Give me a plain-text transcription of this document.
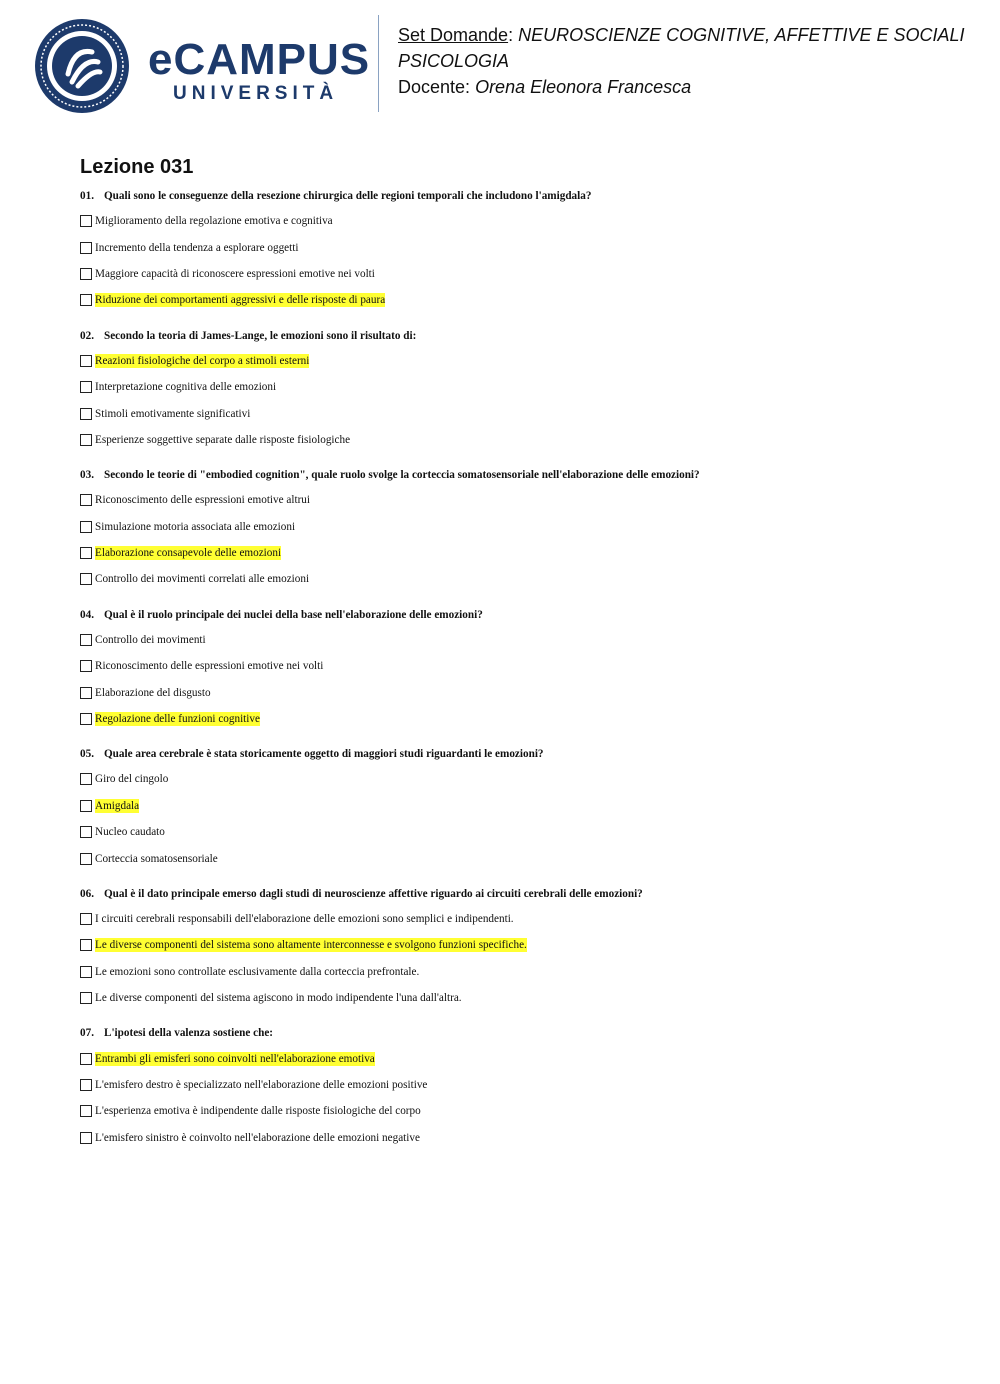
eCAMPUS
UNIVERSITÀ
Set Domande: NEUROSCIENZE COGNITIVE, AFFETTIVE E SOCIALI
PSICOLOGIA
Docente: Orena Eleonora Francesca
Lezione 031
01. Quali sono le conseguenze della resezione chirurgica delle regioni temporali che includono l'amigdala?
Miglioramento della regolazione emotiva e cognitiva
Incremento della tendenza a esplorare oggetti
Maggiore capacità di riconoscere espressioni emotive nei volti
Riduzione dei comportamenti aggressivi e delle risposte di paura
02. Secondo la teoria di James-Lange, le emozioni sono il risultato di:
Reazioni fisiologiche del corpo a stimoli esterni
Interpretazione cognitiva delle emozioni
Stimoli emotivamente significativi
Esperienze soggettive separate dalle risposte fisiologiche
03. Secondo le teorie di "embodied cognition", quale ruolo svolge la corteccia somatosensoriale nell'elaborazione delle emozioni?
Riconoscimento delle espressioni emotive altrui
Simulazione motoria associata alle emozioni
Elaborazione consapevole delle emozioni
Controllo dei movimenti correlati alle emozioni
04. Qual è il ruolo principale dei nuclei della base nell'elaborazione delle emozioni?
Controllo dei movimenti
Riconoscimento delle espressioni emotive nei volti
Elaborazione del disgusto
Regolazione delle funzioni cognitive
05. Quale area cerebrale è stata storicamente oggetto di maggiori studi riguardanti le emozioni?
Giro del cingolo
Amigdala
Nucleo caudato
Corteccia somatosensoriale
06. Qual è il dato principale emerso dagli studi di neuroscienze affettive riguardo ai circuiti cerebrali delle emozioni?
I circuiti cerebrali responsabili dell'elaborazione delle emozioni sono semplici e indipendenti.
Le diverse componenti del sistema sono altamente interconnesse e svolgono funzioni specifiche.
Le emozioni sono controllate esclusivamente dalla corteccia prefrontale.
Le diverse componenti del sistema agiscono in modo indipendente l'una dall'altra.
07. L'ipotesi della valenza sostiene che:
Entrambi gli emisferi sono coinvolti nell'elaborazione emotiva
L'emisfero destro è specializzato nell'elaborazione delle emozioni positive
L'esperienza emotiva è indipendente dalle risposte fisiologiche del corpo
L'emisfero sinistro è coinvolto nell'elaborazione delle emozioni negative
